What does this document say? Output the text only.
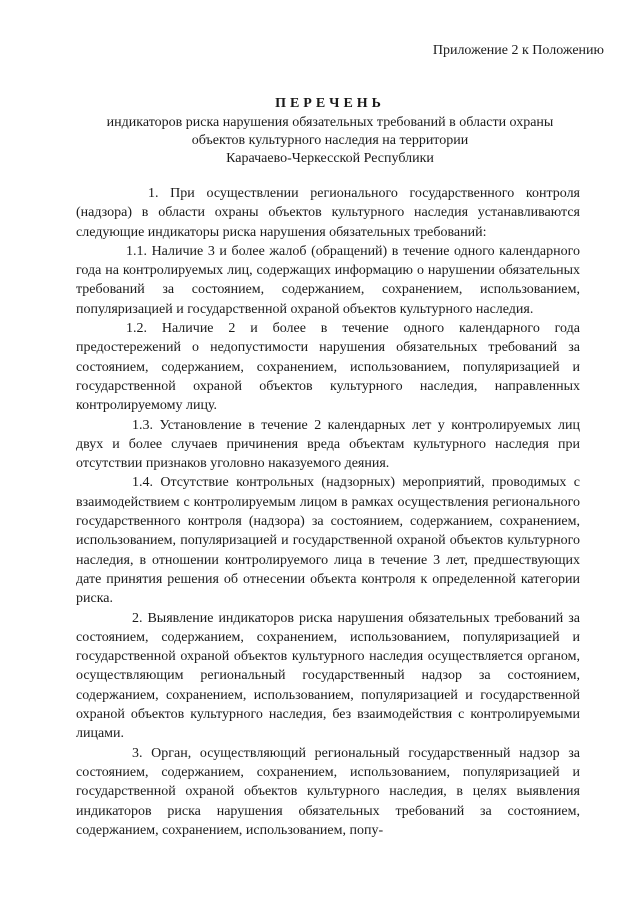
Приложение 2 к Положению
ПЕРЕЧЕНЬ
индикаторов риска нарушения обязательных требований в области охраны
объектов культурного наследия на территории
Карачаево-Черкесской Республики

1. При осуществлении регионального государственного контроля (надзора) в области охраны объектов культурного наследия устанавливаются следующие индикаторы риска нарушения обязательных требований:

1.1. Наличие 3 и более жалоб (обращений) в течение одного календарного года на контролируемых лиц, содержащих информацию о нарушении обязательных требований за состоянием, содержанием, сохранением, использованием, популяризацией и государственной охраной объектов культурного наследия.

1.2. Наличие 2 и более в течение одного календарного года предостережений о недопустимости нарушения обязательных требований за состоянием, содержанием, сохранением, использованием, популяризацией и государственной охраной объектов культурного наследия, направленных контролируемому лицу.

1.3. Установление в течение 2 календарных лет у контролируемых лиц двух и более случаев причинения вреда объектам культурного наследия при отсутствии признаков уголовно наказуемого деяния.

1.4. Отсутствие контрольных (надзорных) мероприятий, проводимых с взаимодействием с контролируемым лицом в рамках осуществления регионального государственного контроля (надзора) за состоянием, содержанием, сохранением, использованием, популяризацией и государственной охраной объектов культурного наследия, в отношении контролируемого лица в течение 3 лет, предшествующих дате принятия решения об отнесении объекта контроля к определенной категории риска.

2. Выявление индикаторов риска нарушения обязательных требований за состоянием, содержанием, сохранением, использованием, популяризацией и государственной охраной объектов культурного наследия осуществляется органом, осуществляющим региональный государственный надзор за состоянием, содержанием, сохранением, использованием, популяризацией и государственной охраной объектов культурного наследия, без взаимодействия с контролируемыми лицами.

3. Орган, осуществляющий региональный государственный надзор за состоянием, содержанием, сохранением, использованием, популяризацией и государственной охраной объектов культурного наследия, в целях выявления индикаторов риска нарушения обязательных требований за состоянием, содержанием, сохранением, использованием, попу-
